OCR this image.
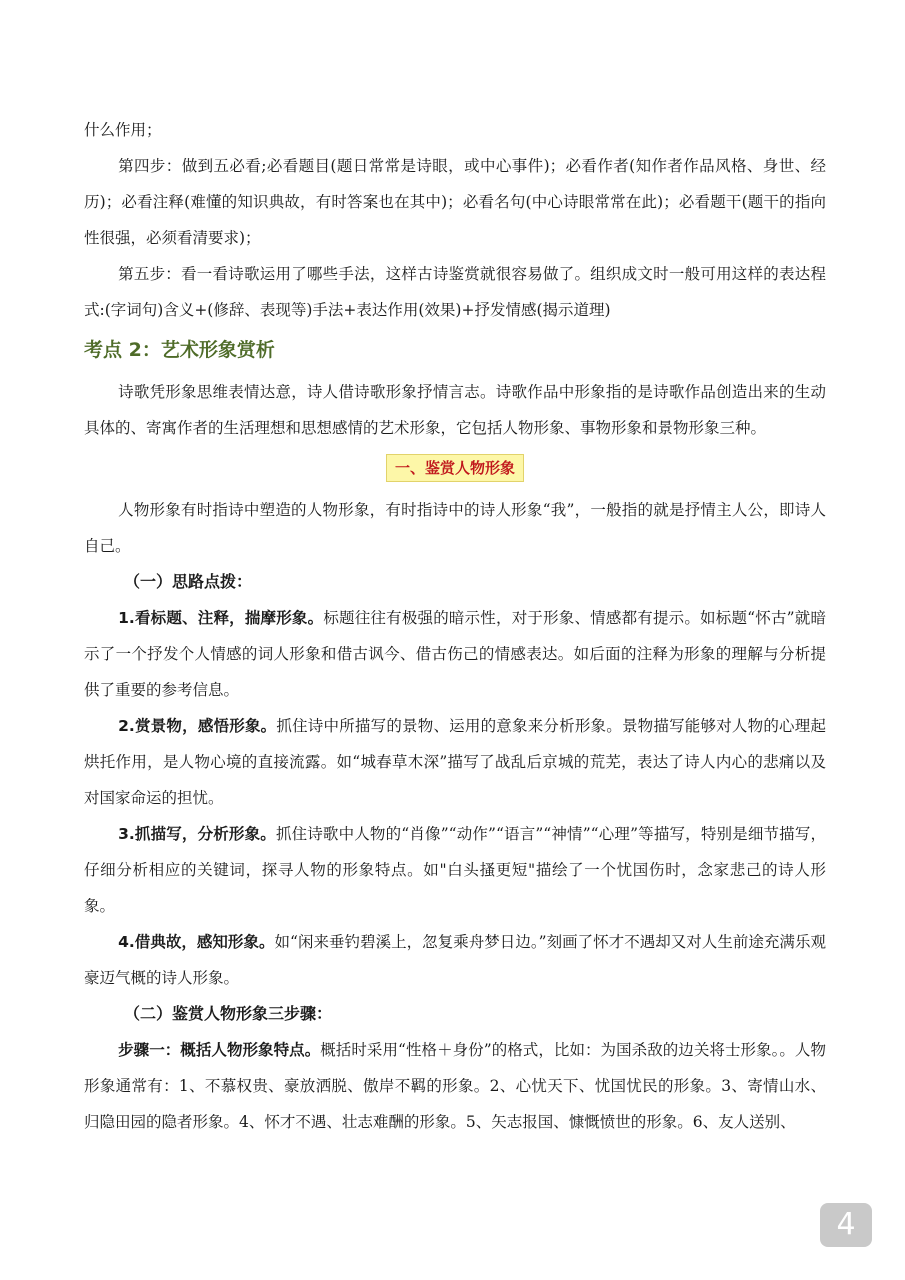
什么作用；

第四步：做到五必看;必看题目(题日常常是诗眼，或中心事件)；必看作者(知作者作品风格、身世、经历)；必看注释(难懂的知识典故，有时答案也在其中)；必看名句(中心诗眼常常在此)；必看题干(题干的指向性很强，必须看清要求)；

第五步：看一看诗歌运用了哪些手法，这样古诗鉴赏就很容易做了。组织成文时一般可用这样的表达程式:(字词句)含义+(修辞、表现等)手法+表达作用(效果)+抒发情感(揭示道理)

考点 2：艺术形象赏析

诗歌凭形象思维表情达意，诗人借诗歌形象抒情言志。诗歌作品中形象指的是诗歌作品创造出来的生动具体的、寄寓作者的生活理想和思想感情的艺术形象，它包括人物形象、事物形象和景物形象三种。

一、鉴赏人物形象

人物形象有时指诗中塑造的人物形象，有时指诗中的诗人形象“我”，一般指的就是抒情主人公，即诗人自己。

（一）思路点拨：

1.看标题、注释，揣摩形象。标题往往有极强的暗示性，对于形象、情感都有提示。如标题“怀古”就暗示了一个抒发个人情感的词人形象和借古讽今、借古伤己的情感表达。如后面的注释为形象的理解与分析提供了重要的参考信息。

2.赏景物，感悟形象。抓住诗中所描写的景物、运用的意象来分析形象。景物描写能够对人物的心理起烘托作用，是人物心境的直接流露。如“城春草木深”描写了战乱后京城的荒芜，表达了诗人内心的悲痛以及对国家命运的担忧。

3.抓描写，分析形象。抓住诗歌中人物的“肖像”“动作”“语言”“神情”“心理”等描写，特别是细节描写，仔细分析相应的关键词，探寻人物的形象特点。如"白头搔更短"描绘了一个忧国伤时，念家悲己的诗人形象。

4.借典故，感知形象。如“闲来垂钓碧溪上，忽复乘舟梦日边。”刻画了怀才不遇却又对人生前途充满乐观豪迈气概的诗人形象。

（二）鉴赏人物形象三步骤：

步骤一：概括人物形象特点。概括时采用“性格＋身份”的格式，比如：为国杀敌的边关将士形象。。人物形象通常有：1、不慕权贵、豪放洒脱、傲岸不羁的形象。2、心忧天下、忧国忧民的形象。3、寄情山水、归隐田园的隐者形象。4、怀才不遇、壮志难酬的形象。5、矢志报国、慷慨愤世的形象。6、友人送别、

4
